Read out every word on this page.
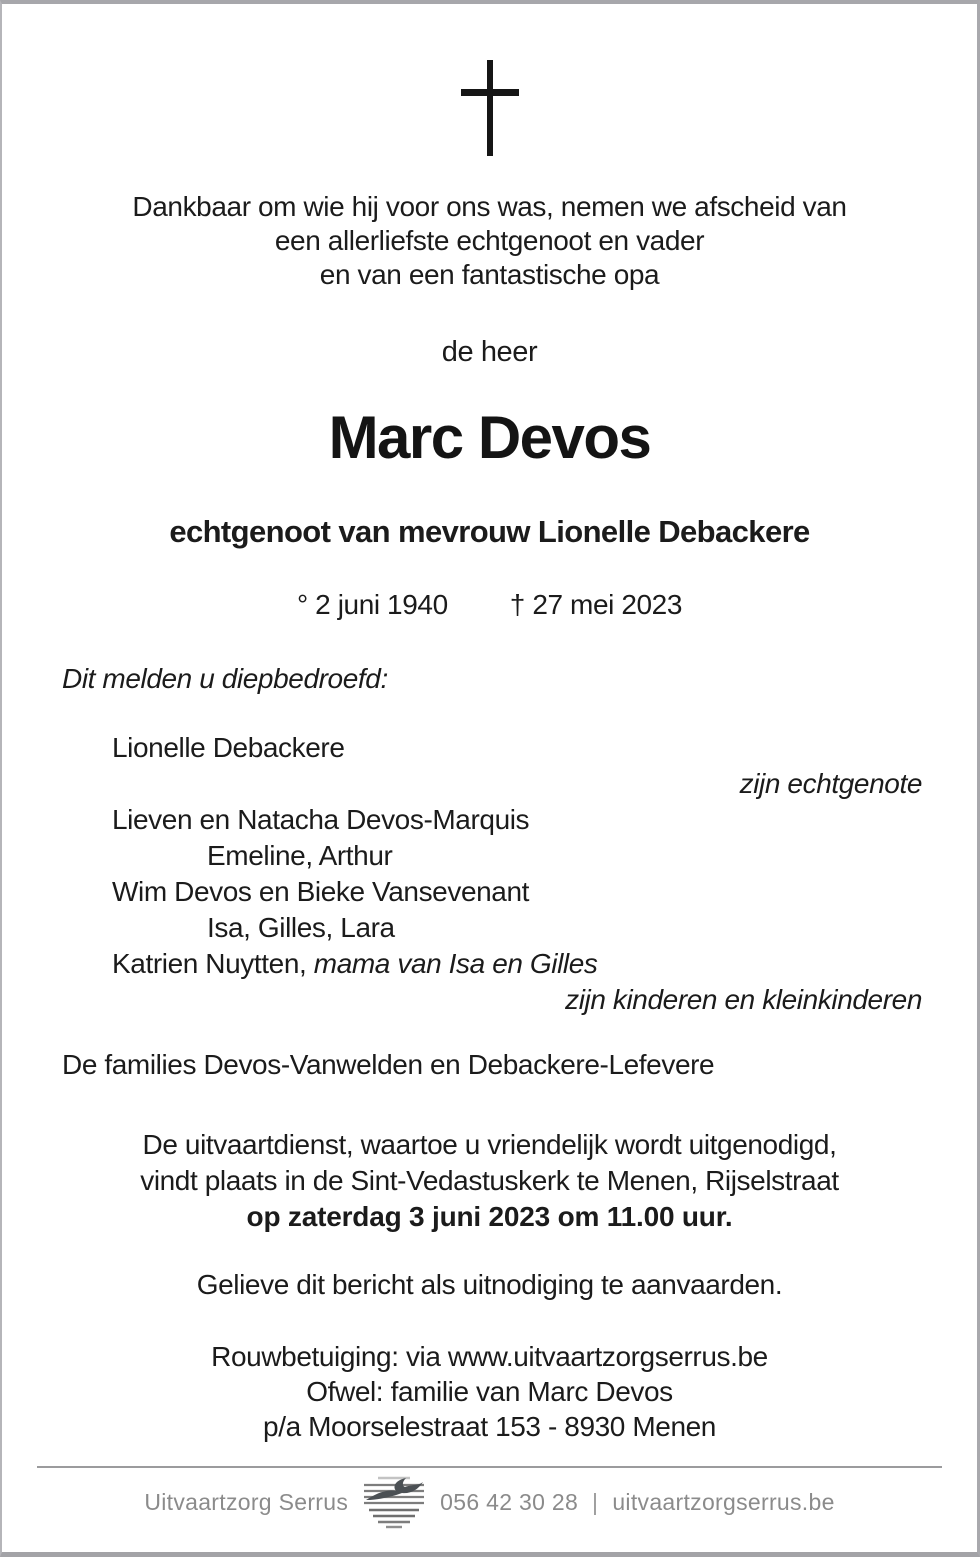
Dankbaar om wie hij voor ons was, nemen we afscheid van
een allerliefste echtgenoot en vader
en van een fantastische opa
de heer
Marc Devos
echtgenoot van mevrouw Lionelle Debackere
° 2 juni 1940 † 27 mei 2023
Dit melden u diepbedroefd:
Lionelle Debackere
zijn echtgenote
Lieven en Natacha Devos-Marquis
Emeline, Arthur
Wim Devos en Bieke Vansevenant
Isa, Gilles, Lara
Katrien Nuytten, mama van Isa en Gilles
zijn kinderen en kleinkinderen
De families Devos-Vanwelden en Debackere-Lefevere
De uitvaartdienst, waartoe u vriendelijk wordt uitgenodigd,
vindt plaats in de Sint-Vedastuskerk te Menen, Rijselstraat
op zaterdag 3 juni 2023 om 11.00 uur.
Gelieve dit bericht als uitnodiging te aanvaarden.
Rouwbetuiging: via www.uitvaartzorgserrus.be
Ofwel: familie van Marc Devos
p/a Moorselestraat 153 - 8930 Menen
Uitvaartzorg Serrus	056 42 30 28 | uitvaartzorgserrus.be
